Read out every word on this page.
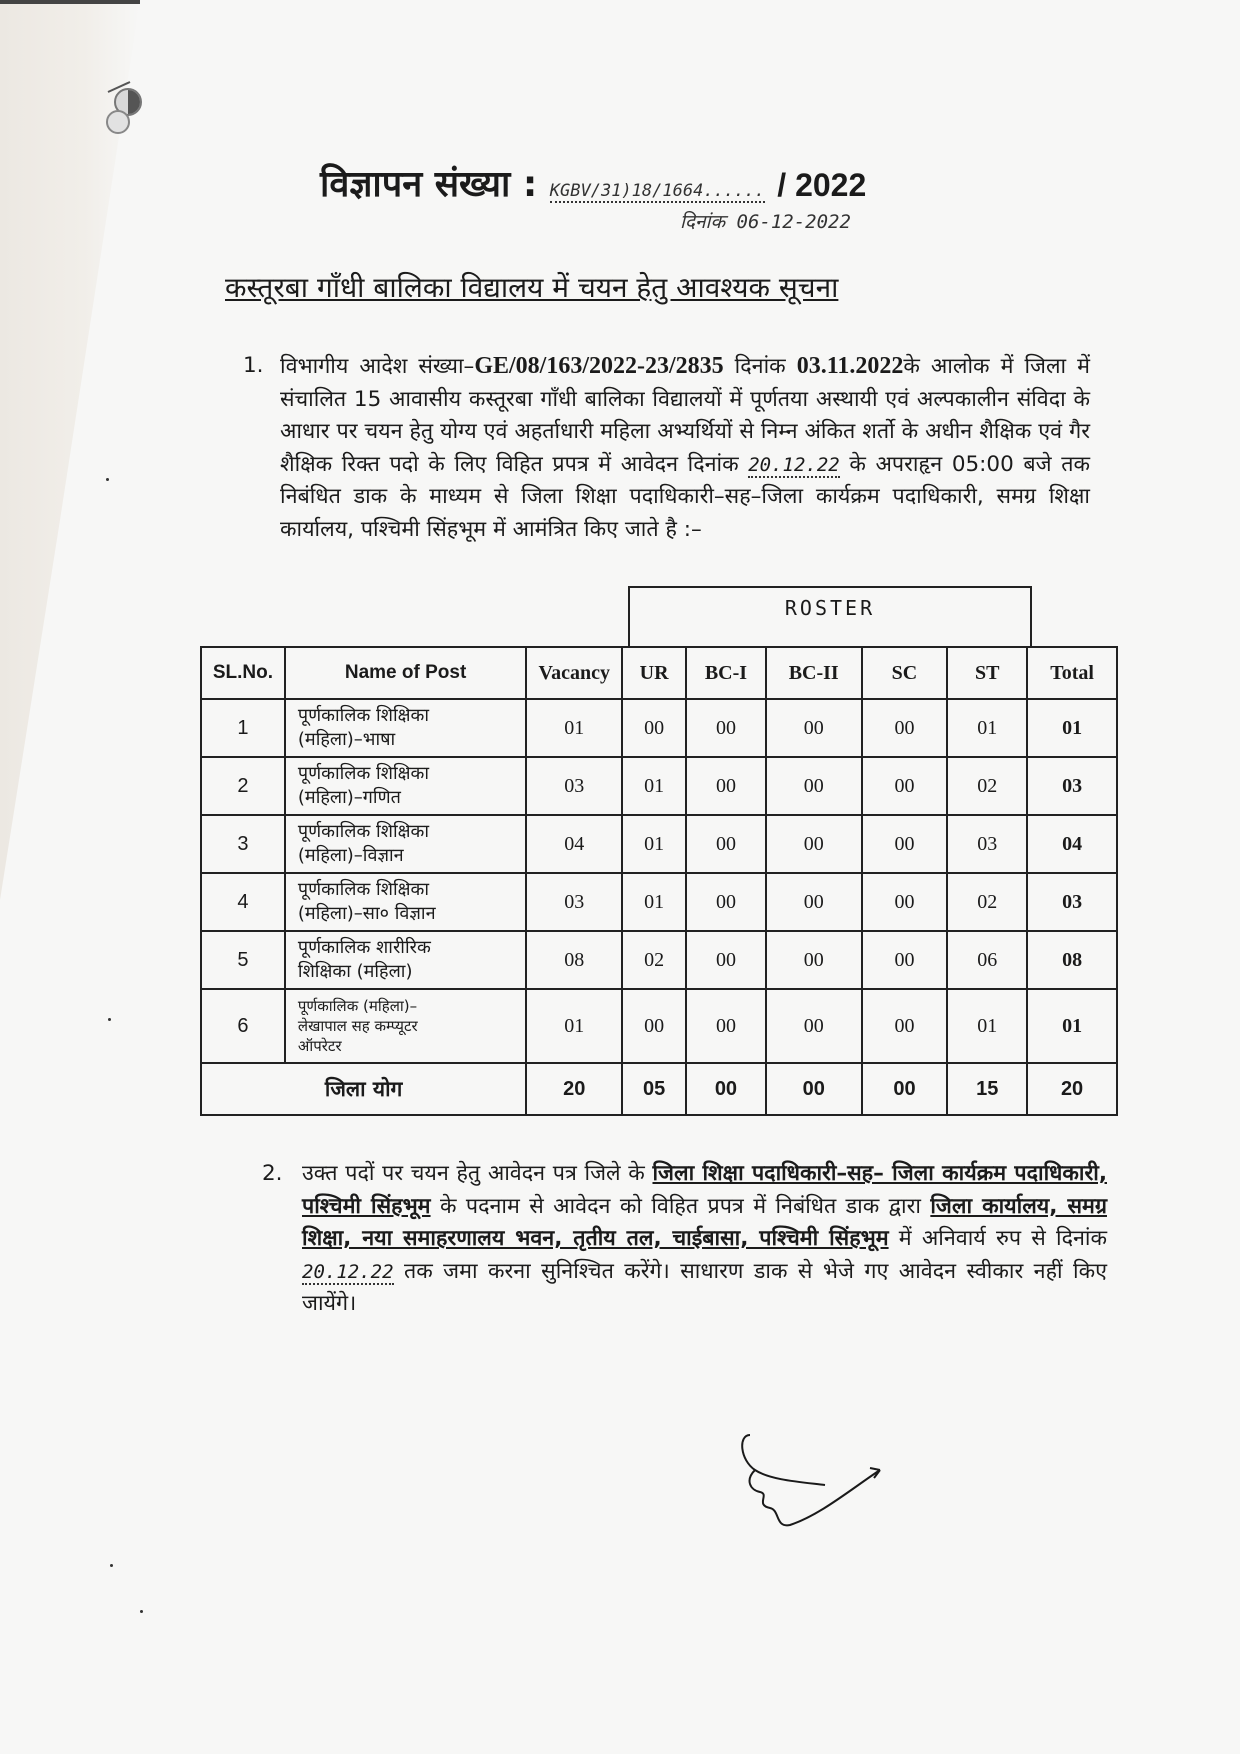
विज्ञापन संख्या : KGBV/31)18/1664...... / 2022
दिनांक 06-12-2022
कस्तूरबा गाँधी बालिका विद्यालय में चयन हेतु आवश्यक सूचना
1. विभागीय आदेश संख्या–GE/08/163/2022-23/2835 दिनांक 03.11.2022के आलोक में जिला में संचालित 15 आवासीय कस्तूरबा गाँधी बालिका विद्यालयों में पूर्णतया अस्थायी एवं अल्पकालीन संविदा के आधार पर चयन हेतु योग्य एवं अहर्ताधारी महिला अभ्यर्थियों से निम्न अंकित शर्तो के अधीन शैक्षिक एवं गैर शैक्षिक रिक्त पदो के लिए विहित प्रपत्र में आवेदन दिनांक 20.12.22 के अपराहृन 05:00 बजे तक निबंधित डाक के माध्यम से जिला शिक्षा पदाधिकारी–सह–जिला कार्यक्रम पदाधिकारी, समग्र शिक्षा कार्यालय, पश्चिमी सिंहभूम में आमंत्रित किए जाते है :–
ROSTER
SL.No.	Name of Post	Vacancy	UR	BC-I	BC-II	SC	ST	Total
1	पूर्णकालिक शिक्षिका
(महिला)–भाषा	01	00	00	00	00	01	01
2	पूर्णकालिक शिक्षिका
(महिला)–गणित	03	01	00	00	00	02	03
3	पूर्णकालिक शिक्षिका
(महिला)–विज्ञान	04	01	00	00	00	03	04
4	पूर्णकालिक शिक्षिका
(महिला)–सा० विज्ञान	03	01	00	00	00	02	03
5	पूर्णकालिक शारीरिक
शिक्षिका (महिला)	08	02	00	00	00	06	08
6	पूर्णकालिक (महिला)–
लेखापाल सह कम्प्यूटर
ऑपरेटर	01	00	00	00	00	01	01
जिला योग		20	05	00	00	00	15	20
2. उक्त पदों पर चयन हेतु आवेदन पत्र जिले के जिला शिक्षा पदाधिकारी–सह– जिला कार्यक्रम पदाधिकारी, पश्चिमी सिंहभूम के पदनाम से आवेदन को विहित प्रपत्र में निबंधित डाक द्वारा जिला कार्यालय, समग्र शिक्षा, नया समाहरणालय भवन, तृतीय तल, चाईबासा, पश्चिमी सिंहभूम में अनिवार्य रुप से दिनांक 20.12.22 तक जमा करना सुनिश्चित करेंगे। साधारण डाक से भेजे गए आवेदन स्वीकार नहीं किए जायेंगे।
